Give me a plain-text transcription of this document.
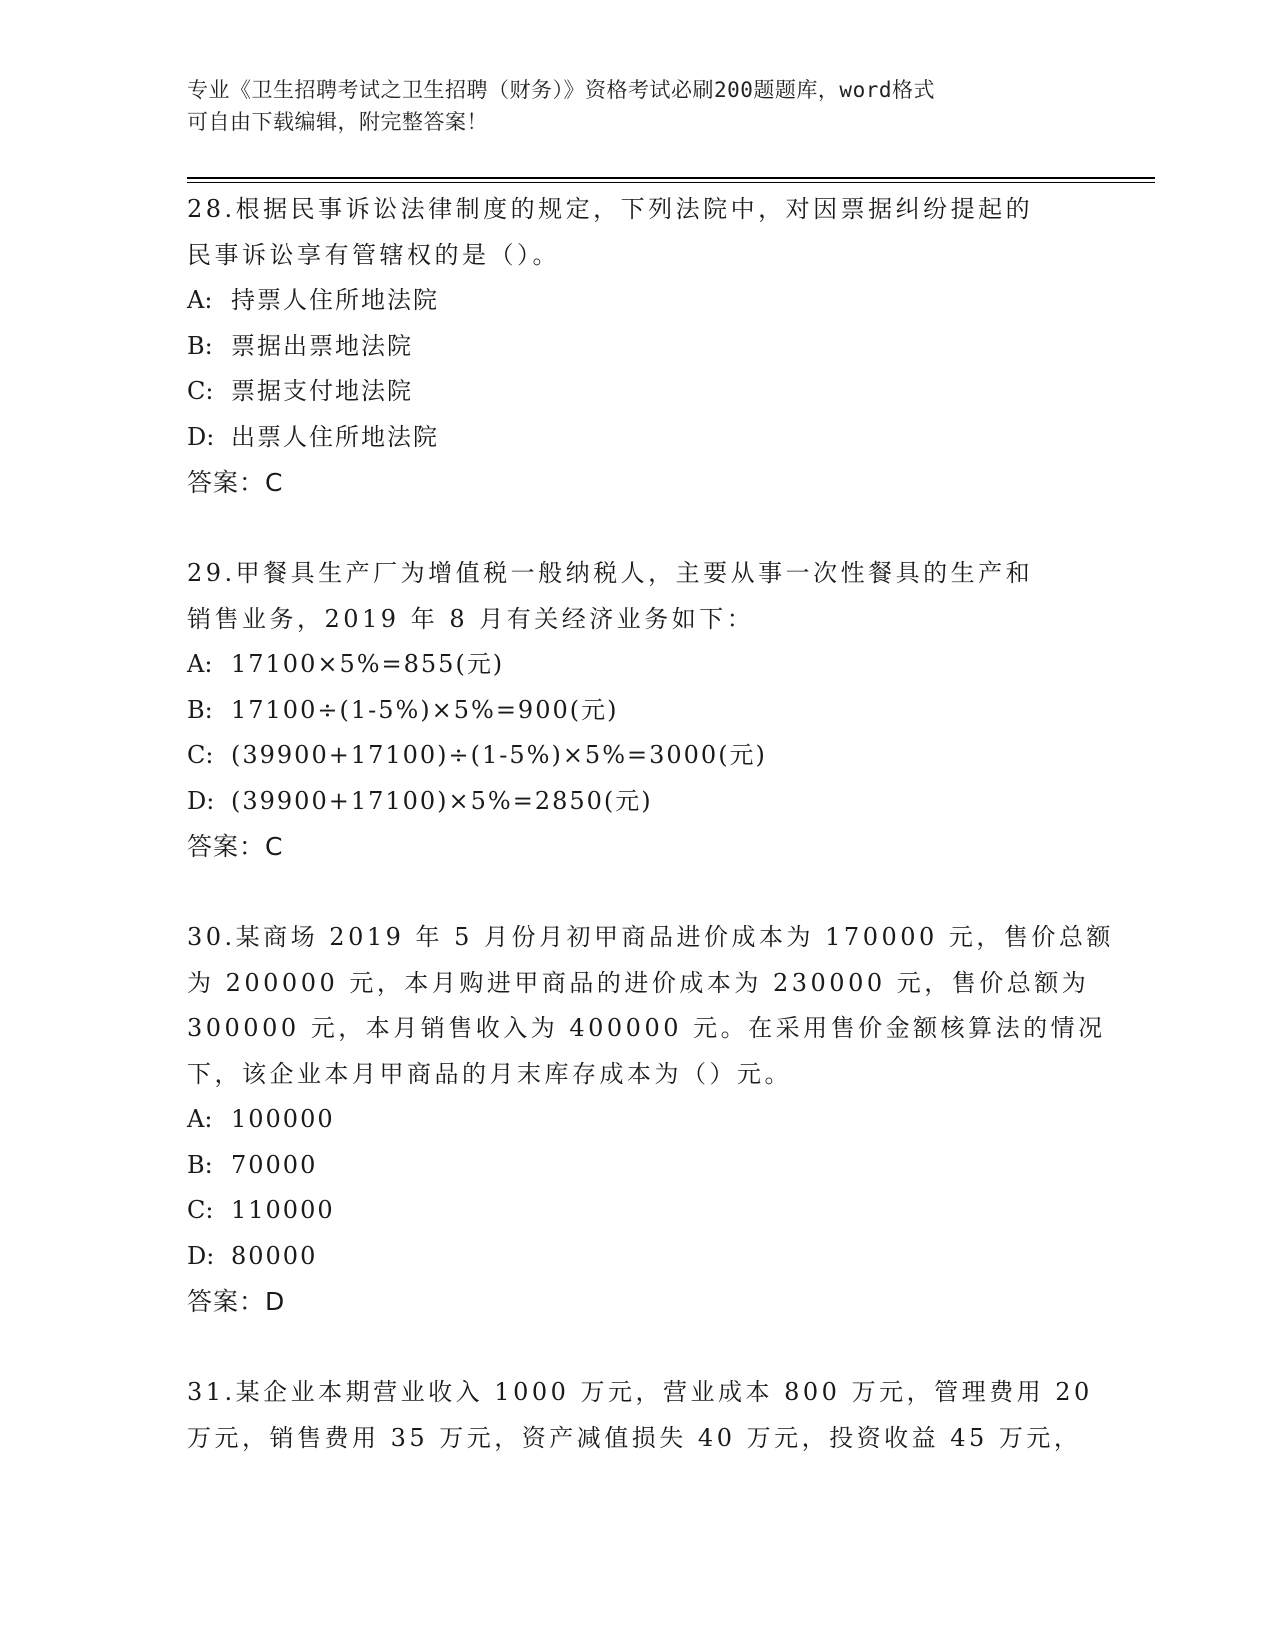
专业《卫生招聘考试之卫生招聘（财务）》资格考试必刷200题题库，word格式
可自由下载编辑，附完整答案！
28.根据民事诉讼法律制度的规定，下列法院中，对因票据纠纷提起的
民事诉讼享有管辖权的是（）。
A: 持票人住所地法院
B: 票据出票地法院
C: 票据支付地法院
D: 出票人住所地法院
答案：C
29.甲餐具生产厂为增值税一般纳税人，主要从事一次性餐具的生产和
销售业务，2019 年 8 月有关经济业务如下：
A: 17100×5%=855(元)
B: 17100÷(1-5%)×5%=900(元)
C: (39900+17100)÷(1-5%)×5%=3000(元)
D: (39900+17100)×5%=2850(元)
答案：C
30.某商场 2019 年 5 月份月初甲商品进价成本为 170000 元，售价总额
为 200000 元，本月购进甲商品的进价成本为 230000 元，售价总额为
300000 元，本月销售收入为 400000 元。在采用售价金额核算法的情况
下，该企业本月甲商品的月末库存成本为（）元。
A: 100000
B: 70000
C: 110000
D: 80000
答案：D
31.某企业本期营业收入 1000 万元，营业成本 800 万元，管理费用 20
万元，销售费用 35 万元，资产减值损失 40 万元，投资收益 45 万元，
